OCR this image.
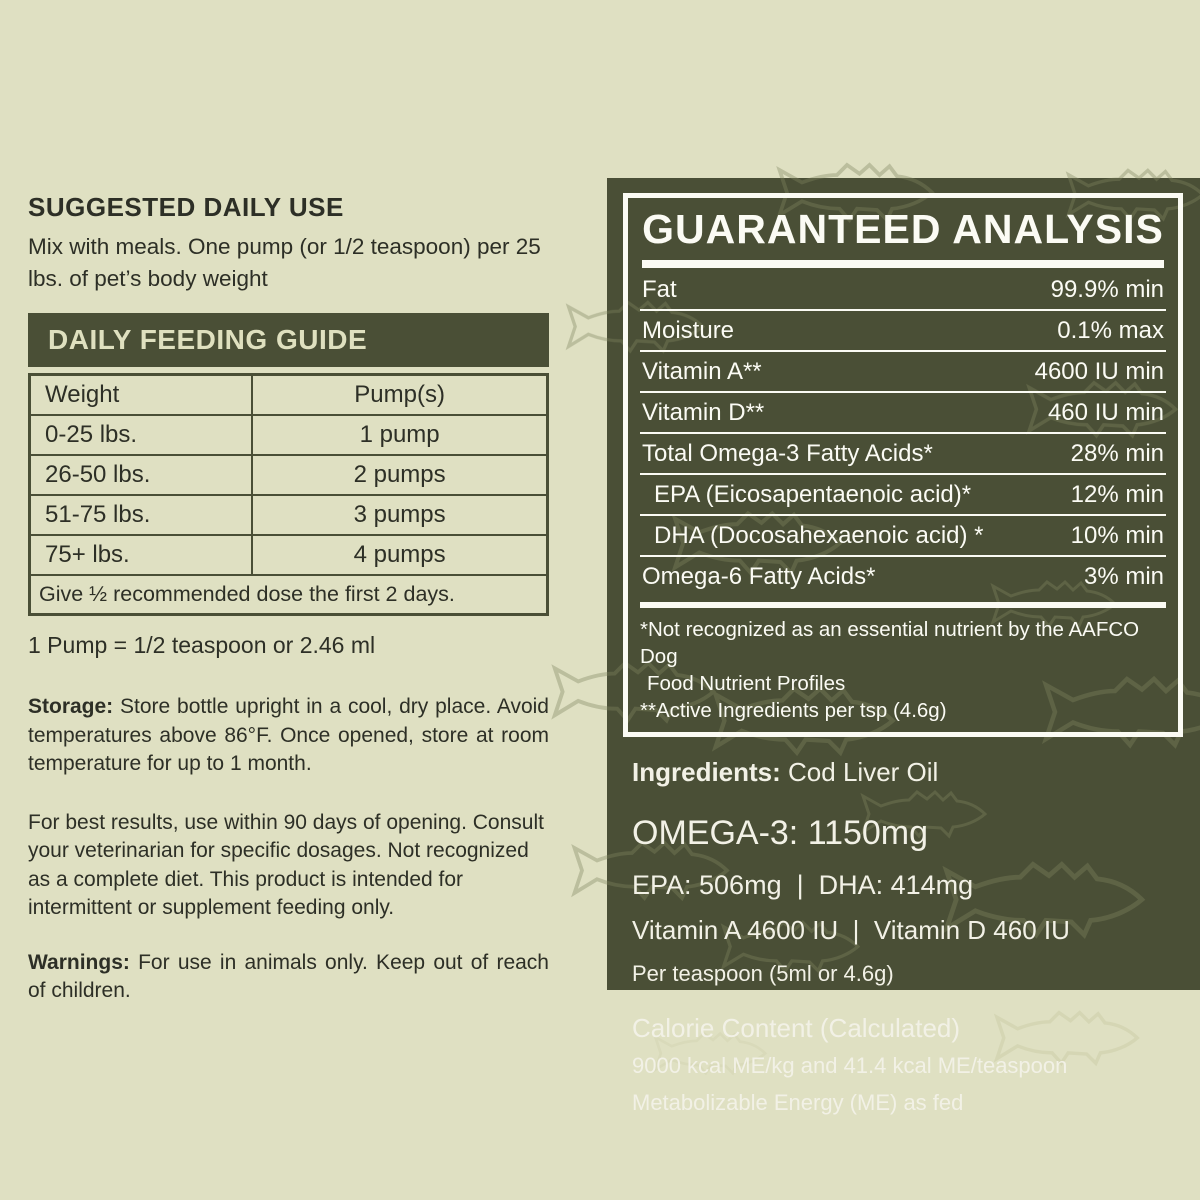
SUGGESTED DAILY USE

Mix with meals. One pump (or 1/2 teaspoon) per 25 lbs. of pet’s body weight

DAILY FEEDING GUIDE
Weight	Pump(s)
0-25 lbs.	1 pump
26-50 lbs.	2 pumps
51-75 lbs.	3 pumps
75+ lbs.	4 pumps
Give ½ recommended dose the first 2 days.	

1 Pump = 1/2 teaspoon or 2.46 ml

Storage: Store bottle upright in a cool, dry place. Avoid temperatures above 86°F. Once opened, store at room temperature for up to 1 month.

For best results, use within 90 days of opening. Consult your veterinarian for specific dosages. Not recognized as a complete diet. This product is intended for intermittent or supplement feeding only.

Warnings: For use in animals only. Keep out of reach of children.

GUARANTEED ANALYSIS
Fat	99.9% min
Moisture	0.1% max
Vitamin A**	4600 IU min
Vitamin D**	460 IU min
Total Omega-3 Fatty Acids*	28% min
EPA (Eicosapentaenoic acid)*	12% min
DHA (Docosahexaenoic acid) *	10% min
Omega-6 Fatty Acids*	3% min
*Not recognized as an essential nutrient by the AAFCO Dog
Food Nutrient Profiles
**Active Ingredients per tsp (4.6g)
Ingredients: Cod Liver Oil
OMEGA-3: 1150mg
EPA: 506mg  |  DHA: 414mg
Vitamin A 4600 IU  |  Vitamin D 460 IU
Per teaspoon (5ml or 4.6g)
Calorie Content (Calculated)
9000 kcal ME/kg and 41.4 kcal ME/teaspoon
Metabolizable Energy (ME) as fed
